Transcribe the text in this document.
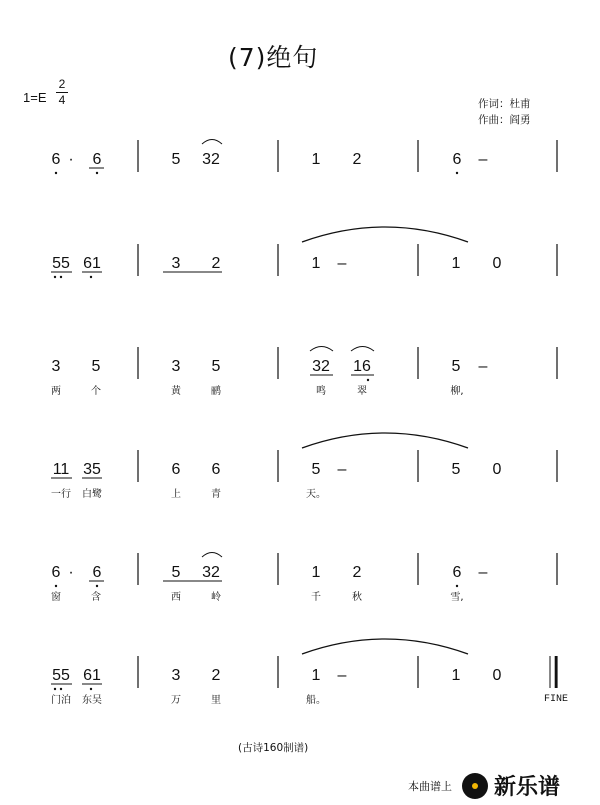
(7)绝句
1=E
2
4	作词：杜甫
作曲：阎勇
6 · 6	5 32	1 2	6 –
55 61	3 2	1 –	1 0
3 5
两	个
3 5
黄	鹂
32 16
鸣	翠
5 –
柳,
11 35
一行 白鹭
6 6
上	青
5 –
天。
5 0
6 · 6
窗	含
5 32
西	岭
1 2
千	秋
6 –
雪,
55 61
门泊 东吴
3 2
万	里
1 –
船。
1 0
FINE
(古诗160制谱)
本曲谱上 新乐谱
